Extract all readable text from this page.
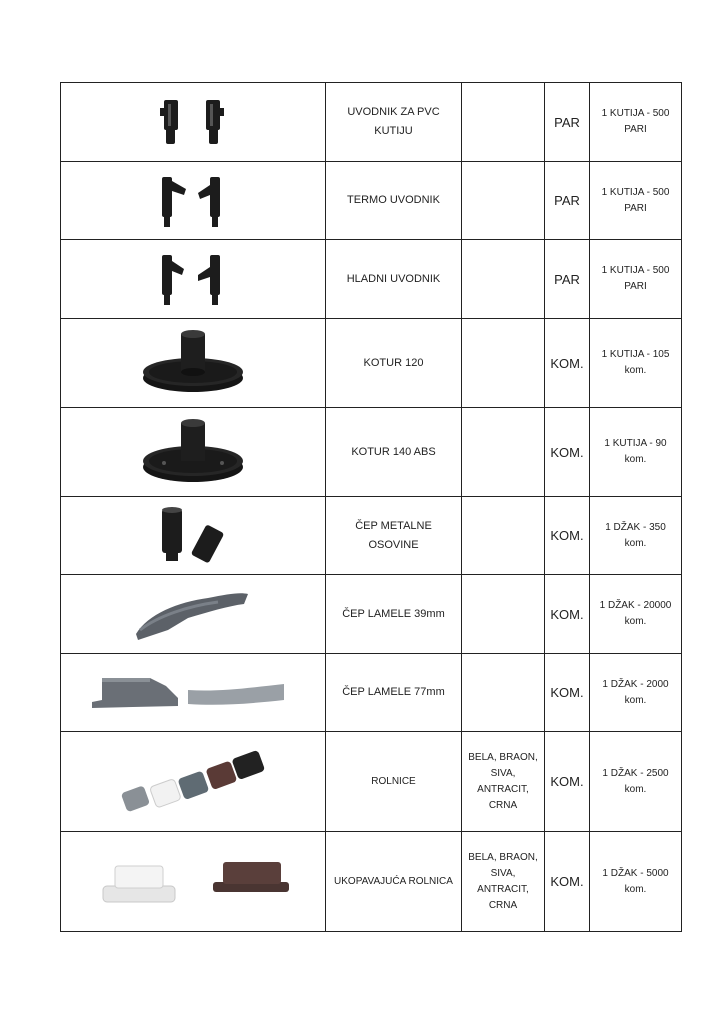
	UVODNIK ZA PVC KUTIJU		PAR	1 KUTIJA - 500 PARI

	TERMO UVODNIK		PAR	1 KUTIJA - 500 PARI

	HLADNI UVODNIK		PAR	1 KUTIJA - 500 PARI

	KOTUR 120		KOM.	1 KUTIJA - 105 kom.

	KOTUR 140 ABS		KOM.	1 KUTIJA - 90 kom.

	ČEP METALNE OSOVINE		KOM.	1 DŽAK - 350 kom.

	ČEP LAMELE 39mm		KOM.	1 DŽAK - 20000 kom.

	ČEP LAMELE 77mm		KOM.	1 DŽAK - 2000 kom.

	ROLNICE	BELA, BRAON, SIVA, ANTRACIT, CRNA	KOM.	1 DŽAK - 2500 kom.

	UKOPAVAJUĆA ROLNICA	BELA, BRAON, SIVA, ANTRACIT, CRNA	KOM.	1 DŽAK - 5000 kom.
